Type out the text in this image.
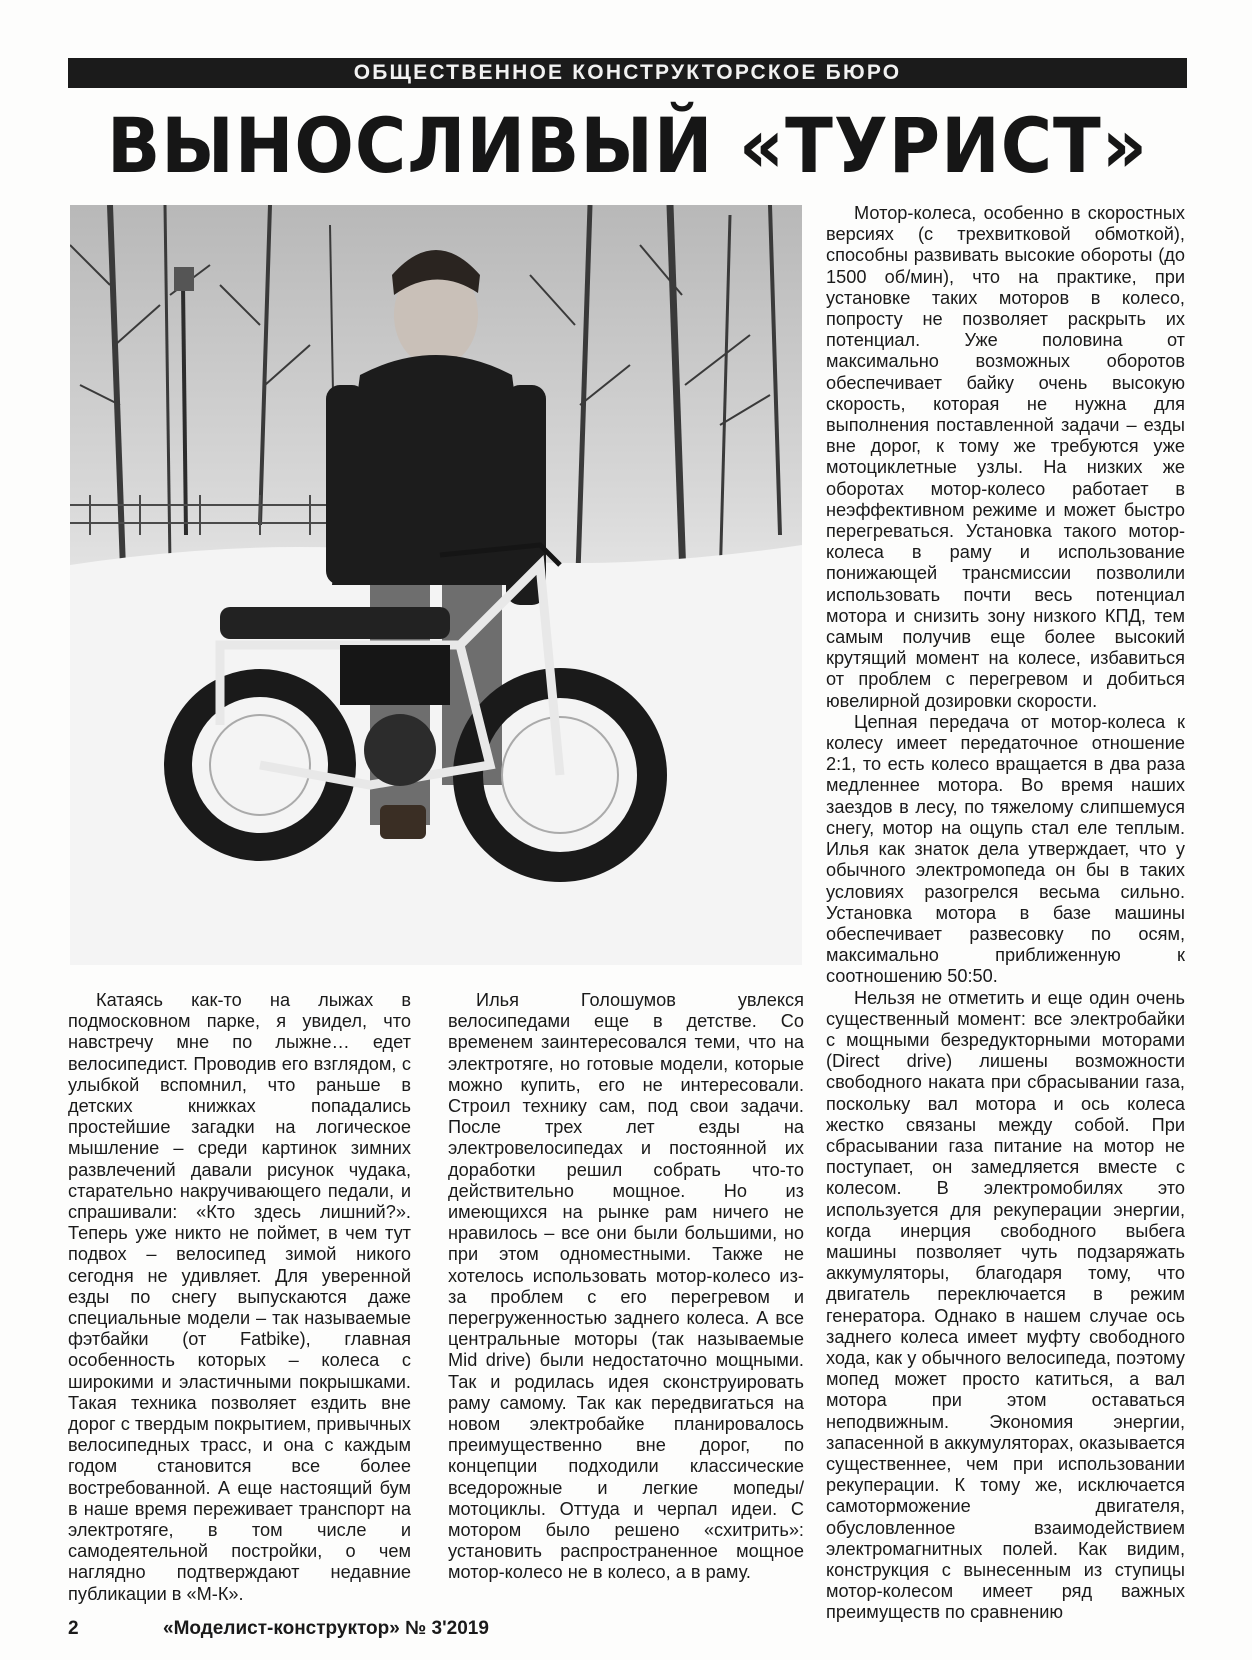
ОБЩЕСТВЕННОЕ КОНСТРУКТОРСКОЕ БЮРО
ВЫНОСЛИВЫЙ «ТУРИСТ»

Мотор-колеса, особенно в скоростных версиях (с трехвитковой обмоткой), способны развивать высокие обороты (до 1500 об/мин), что на практике, при установке таких моторов в колесо, попросту не позволяет раскрыть их потенциал. Уже половина от максимально возможных оборотов обеспечивает байку очень высокую скорость, которая не нужна для выполнения поставленной задачи – езды вне дорог, к тому же требуются уже мотоциклетные узлы. На низких же оборотах мотор-колесо работает в неэффективном режиме и может быстро перегреваться. Установка такого мотор-колеса в раму и использование понижающей трансмиссии позволили использовать почти весь потенциал мотора и снизить зону низкого КПД, тем самым получив еще более высокий крутящий момент на колесе, избавиться от проблем с перегревом и добиться ювелирной дозировки скорости.

Цепная передача от мотор-колеса к колесу имеет передаточное отношение 2:1, то есть колесо вращается в два раза медленнее мотора. Во время наших заездов в лесу, по тяжелому слипшемуся снегу, мотор на ощупь стал еле теплым. Илья как знаток дела утверждает, что у обычного электромопеда он бы в таких условиях разогрелся весьма сильно. Установка мотора в базе машины обеспечивает развесовку по осям, максимально приближенную к соотношению 50:50.

Нельзя не отметить и еще один очень существенный момент: все электробайки с мощными безредукторными моторами (Direct drive) лишены возможности свободного наката при сбрасывании газа, поскольку вал мотора и ось колеса жестко связаны между собой. При сбрасывании газа питание на мотор не поступает, он замедляется вместе с колесом. В электромобилях это используется для рекуперации энергии, когда инерция свободного выбега машины позволяет чуть подзаряжать аккумуляторы, благодаря тому, что двигатель переключается в режим генератора. Однако в нашем случае ось заднего колеса имеет муфту свободного хода, как у обычного велосипеда, поэтому мопед может просто катиться, а вал мотора при этом оставаться неподвижным. Экономия энергии, запасенной в аккумуляторах, оказывается существеннее, чем при использовании рекуперации. К тому же, исключается самоторможение двигателя, обусловленное взаимодействием электромагнитных полей. Как видим, конструкция с вынесенным из ступицы мотор-колесом имеет ряд важных преимуществ по сравнению

Катаясь как-то на лыжах в подмосковном парке, я увидел, что навстречу мне по лыжне… едет велосипедист. Проводив его взглядом, с улыбкой вспомнил, что раньше в детских книжках попадались простейшие загадки на логическое мышление – среди картинок зимних развлечений давали рисунок чудака, старательно накручивающего педали, и спрашивали: «Кто здесь лишний?». Теперь уже никто не поймет, в чем тут подвох – велосипед зимой никого сегодня не удивляет. Для уверенной езды по снегу выпускаются даже специальные модели – так называемые фэтбайки (от Fatbike), главная особенность которых – колеса с широкими и эластичными покрышками. Такая техника позволяет ездить вне дорог с твердым покрытием, привычных велосипедных трасс, и она с каждым годом становится все более востребованной. А еще настоящий бум в наше время переживает транспорт на электротяге, в том числе и самодеятельной постройки, о чем наглядно подтверждают недавние публикации в «М-К».

Илья Голошумов увлекся велосипедами еще в детстве. Со временем заинтересовался теми, что на электротяге, но готовые модели, которые можно купить, его не интересовали. Строил технику сам, под свои задачи. После трех лет езды на электровелосипедах и постоянной их доработки решил собрать что-то действительно мощное. Но из имеющихся на рынке рам ничего не нравилось – все они были большими, но при этом одноместными. Также не хотелось использовать мотор-колесо из-за проблем с его перегревом и перегруженностью заднего колеса. А все центральные моторы (так называемые Mid drive) были недостаточно мощными. Так и родилась идея сконструировать раму самому. Так как передвигаться на новом электробайке планировалось преимущественно вне дорог, по концепции подходили классические вседорожные и легкие мопеды/мотоциклы. Оттуда и черпал идеи. С мотором было решено «схитрить»: установить распространенное мощное мотор-колесо не в колесо, а в раму.

2	«Моделист-конструктор» № 3'2019
